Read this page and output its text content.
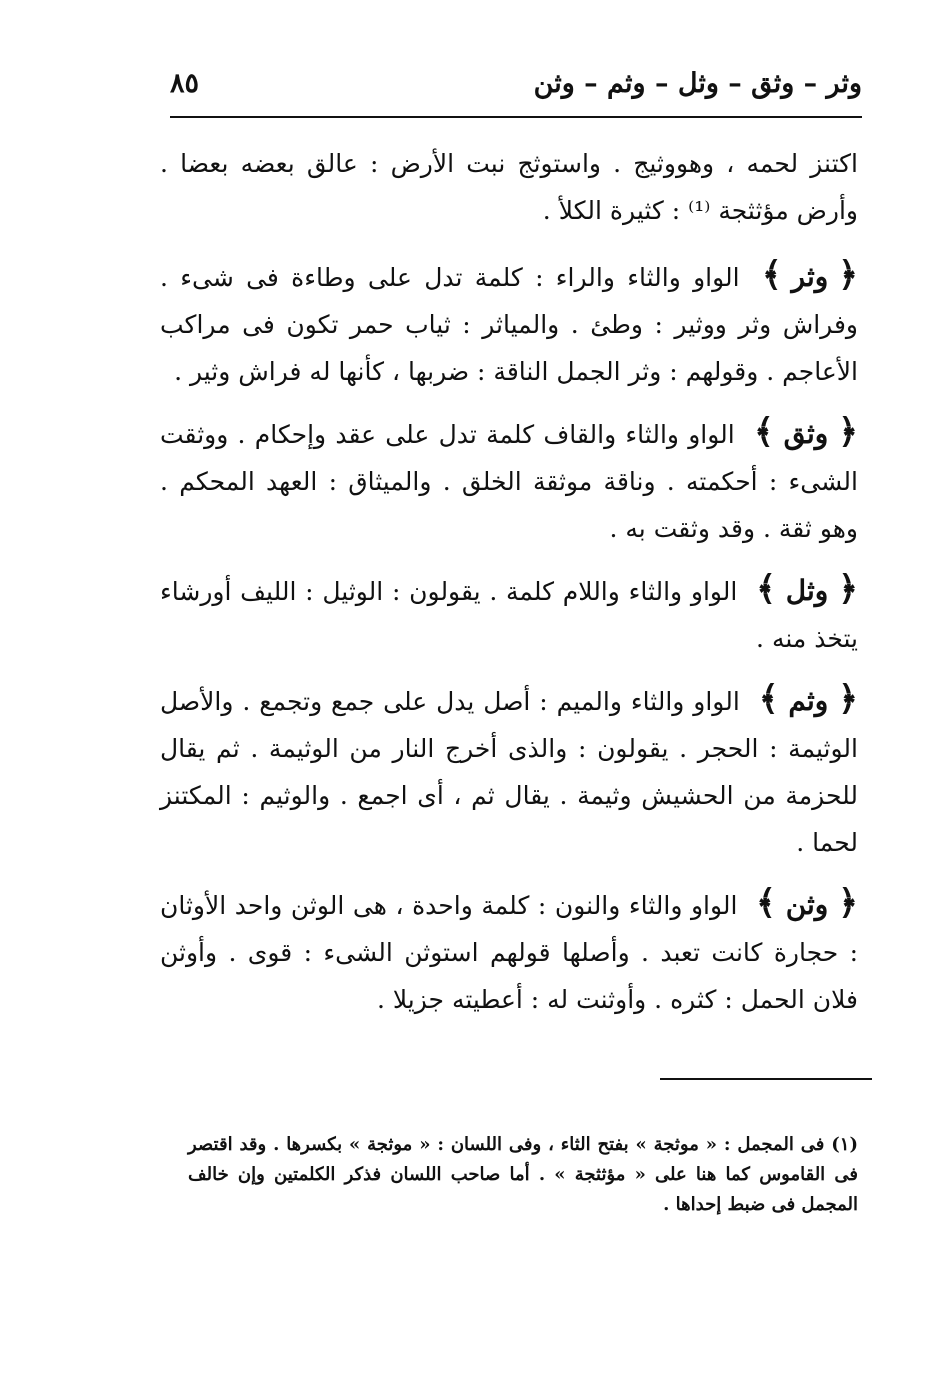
وثر – وثق – وثل – وثم – وثن
٨٥

اكتنز لحمه ، وهووثيج . واستوثج نبت الأرض : عالق بعضه بعضا . وأرض مؤثثجة ⁽¹⁾ : كثيرة الكلأ .

﴿ وثر ﴾ الواو والثاء والراء : كلمة تدل على وطاءة فى شىء . وفراش وثر ووثير : وطئ . والمياثر : ثياب حمر تكون فى مراكب الأعاجم . وقولهم : وثر الجمل الناقة : ضربها ، كأنها له فراش وثير .

﴿ وثق ﴾ الواو والثاء والقاف كلمة تدل على عقد وإحكام . ووثقت الشىء : أحكمته . وناقة موثقة الخلق . والميثاق : العهد المحكم . وهو ثقة . وقد وثقت به .

﴿ وثل ﴾ الواو والثاء واللام كلمة . يقولون : الوثيل : الليف أورشاء يتخذ منه .

﴿ وثم ﴾ الواو والثاء والميم : أصل يدل على جمع وتجمع . والأصل الوثيمة : الحجر . يقولون : والذى أخرج النار من الوثيمة . ثم يقال للحزمة من الحشيش وثيمة . يقال ثم ، أى اجمع . والوثيم : المكتنز لحما .

﴿ وثن ﴾ الواو والثاء والنون : كلمة واحدة ، هى الوثن واحد الأوثان : حجارة كانت تعبد . وأصلها قولهم استوثن الشىء : قوى . وأوثن فلان الحمل : كثره . وأوثنت له : أعطيته جزيلا .

(١) فى المجمل : « موثجة » بفتح الثاء ، وفى اللسان : « موثجة » بكسرها . وقد اقتصر فى القاموس كما هنا على « مؤثثجة » . أما صاحب اللسان فذكر الكلمتين وإن خالف المجمل فى ضبط إحداها .
